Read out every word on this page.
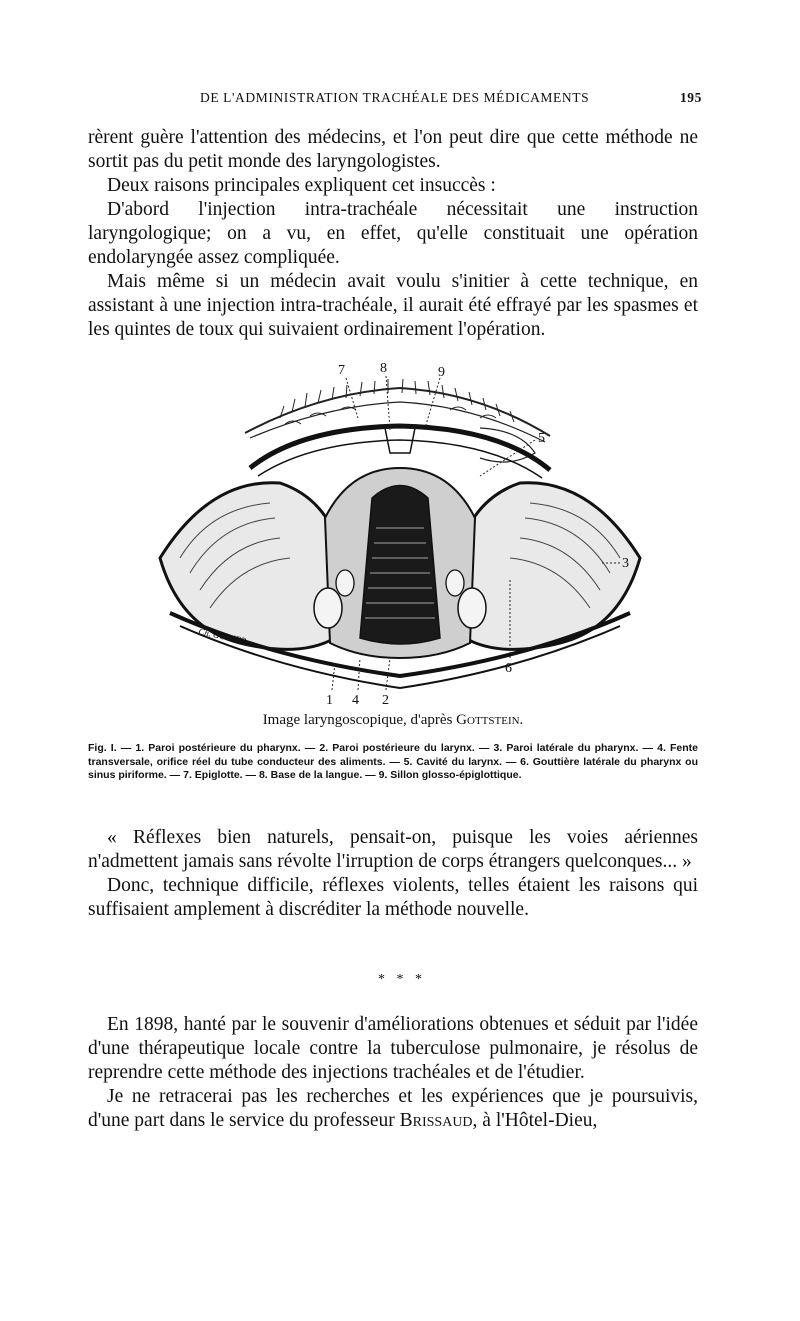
DE L'ADMINISTRATION TRACHÉALE DES MÉDICAMENTS	195

rèrent guère l'attention des médecins, et l'on peut dire que cette méthode ne sortit pas du petit monde des laryngologistes.

Deux raisons principales expliquent cet insuccès :

D'abord l'injection intra-trachéale nécessitait une instruction laryngologique; on a vu, en effet, qu'elle constituait une opération endolaryngée assez compliquée.

Mais même si un médecin avait voulu s'initier à cette technique, en assistant à une injection intra-trachéale, il aurait été effrayé par les spasmes et les quintes de toux qui suivaient ordinairement l'opération.

7	8	9
5
3
6
1 4 2
Ch. GODIER
Image laryngoscopique, d'après Gottstein.
Fig. I. — 1. Paroi postérieure du pharynx. — 2. Paroi postérieure du larynx. — 3. Paroi latérale du pharynx. — 4. Fente transversale, orifice réel du tube conducteur des aliments. — 5. Cavité du larynx. — 6. Gouttière latérale du pharynx ou sinus piriforme. — 7. Epiglotte. — 8. Base de la langue. — 9. Sillon glosso-épiglottique.

« Réflexes bien naturels, pensait-on, puisque les voies aériennes n'admettent jamais sans révolte l'irruption de corps étrangers quelconques... »

Donc, technique difficile, réflexes violents, telles étaient les raisons qui suffisaient amplement à discréditer la méthode nouvelle.

* * *

En 1898, hanté par le souvenir d'améliorations obtenues et séduit par l'idée d'une thérapeutique locale contre la tuberculose pulmonaire, je résolus de reprendre cette méthode des injections trachéales et de l'étudier.

Je ne retracerai pas les recherches et les expériences que je poursuivis, d'une part dans le service du professeur Brissaud, à l'Hôtel-Dieu,
